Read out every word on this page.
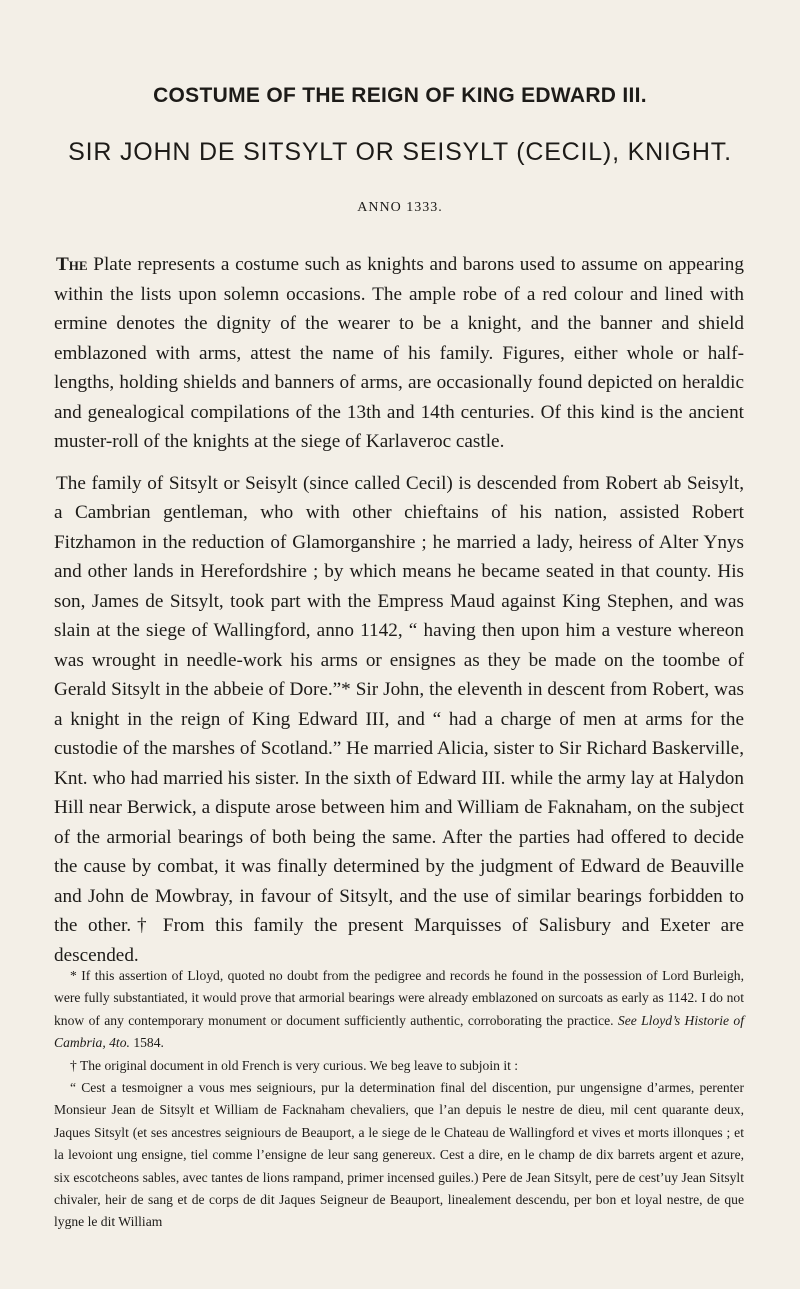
COSTUME OF THE REIGN OF KING EDWARD III.
SIR JOHN DE SITSYLT OR SEISYLT (CECIL), KNIGHT.
ANNO 1333.

The Plate represents a costume such as knights and barons used to assume on appearing within the lists upon solemn occasions. The ample robe of a red colour and lined with ermine denotes the dignity of the wearer to be a knight, and the banner and shield emblazoned with arms, attest the name of his family. Figures, either whole or half-lengths, holding shields and banners of arms, are occasionally found depicted on heraldic and genealogical compilations of the 13th and 14th centuries. Of this kind is the ancient muster-roll of the knights at the siege of Karlaveroc castle.

The family of Sitsylt or Seisylt (since called Cecil) is descended from Robert ab Seisylt, a Cambrian gentleman, who with other chieftains of his nation, assisted Robert Fitzhamon in the reduction of Glamorganshire ; he married a lady, heiress of Alter Ynys and other lands in Herefordshire ; by which means he became seated in that county. His son, James de Sitsylt, took part with the Empress Maud against King Stephen, and was slain at the siege of Wallingford, anno 1142, “ having then upon him a vesture whereon was wrought in needle-work his arms or ensignes as they be made on the toombe of Gerald Sitsylt in the abbeie of Dore.”* Sir John, the eleventh in descent from Robert, was a knight in the reign of King Edward III, and “ had a charge of men at arms for the custodie of the marshes of Scotland.” He married Alicia, sister to Sir Richard Baskerville, Knt. who had married his sister. In the sixth of Edward III. while the army lay at Halydon Hill near Berwick, a dispute arose between him and William de Faknaham, on the subject of the armorial bearings of both being the same. After the parties had offered to decide the cause by combat, it was finally determined by the judgment of Edward de Beauville and John de Mowbray, in favour of Sitsylt, and the use of similar bearings forbidden to the other.† From this family the present Marquisses of Salisbury and Exeter are descended.

* If this assertion of Lloyd, quoted no doubt from the pedigree and records he found in the possession of Lord Burleigh, were fully substantiated, it would prove that armorial bearings were already emblazoned on surcoats as early as 1142. I do not know of any contemporary monument or document sufficiently authentic, corroborating the practice. See Lloyd’s Historie of Cambria, 4to. 1584.

† The original document in old French is very curious. We beg leave to subjoin it :

“ Cest a tesmoigner a vous mes seigniours, pur la determination final del discention, pur ungensigne d’armes, perenter Monsieur Jean de Sitsylt et William de Facknaham chevaliers, que l’an depuis le nestre de dieu, mil cent quarante deux, Jaques Sitsylt (et ses ancestres seigniours de Beauport, a le siege de le Chateau de Wallingford et vives et morts illonques ; et la levoiont ung ensigne, tiel comme l’ensigne de leur sang genereux. Cest a dire, en le champ de dix barrets argent et azure, six escotcheons sables, avec tantes de lions rampand, primer incensed guiles.) Pere de Jean Sitsylt, pere de cest’uy Jean Sitsylt chivaler, heir de sang et de corps de dit Jaques Seigneur de Beauport, linealement descendu, per bon et loyal nestre, de que lygne le dit William
